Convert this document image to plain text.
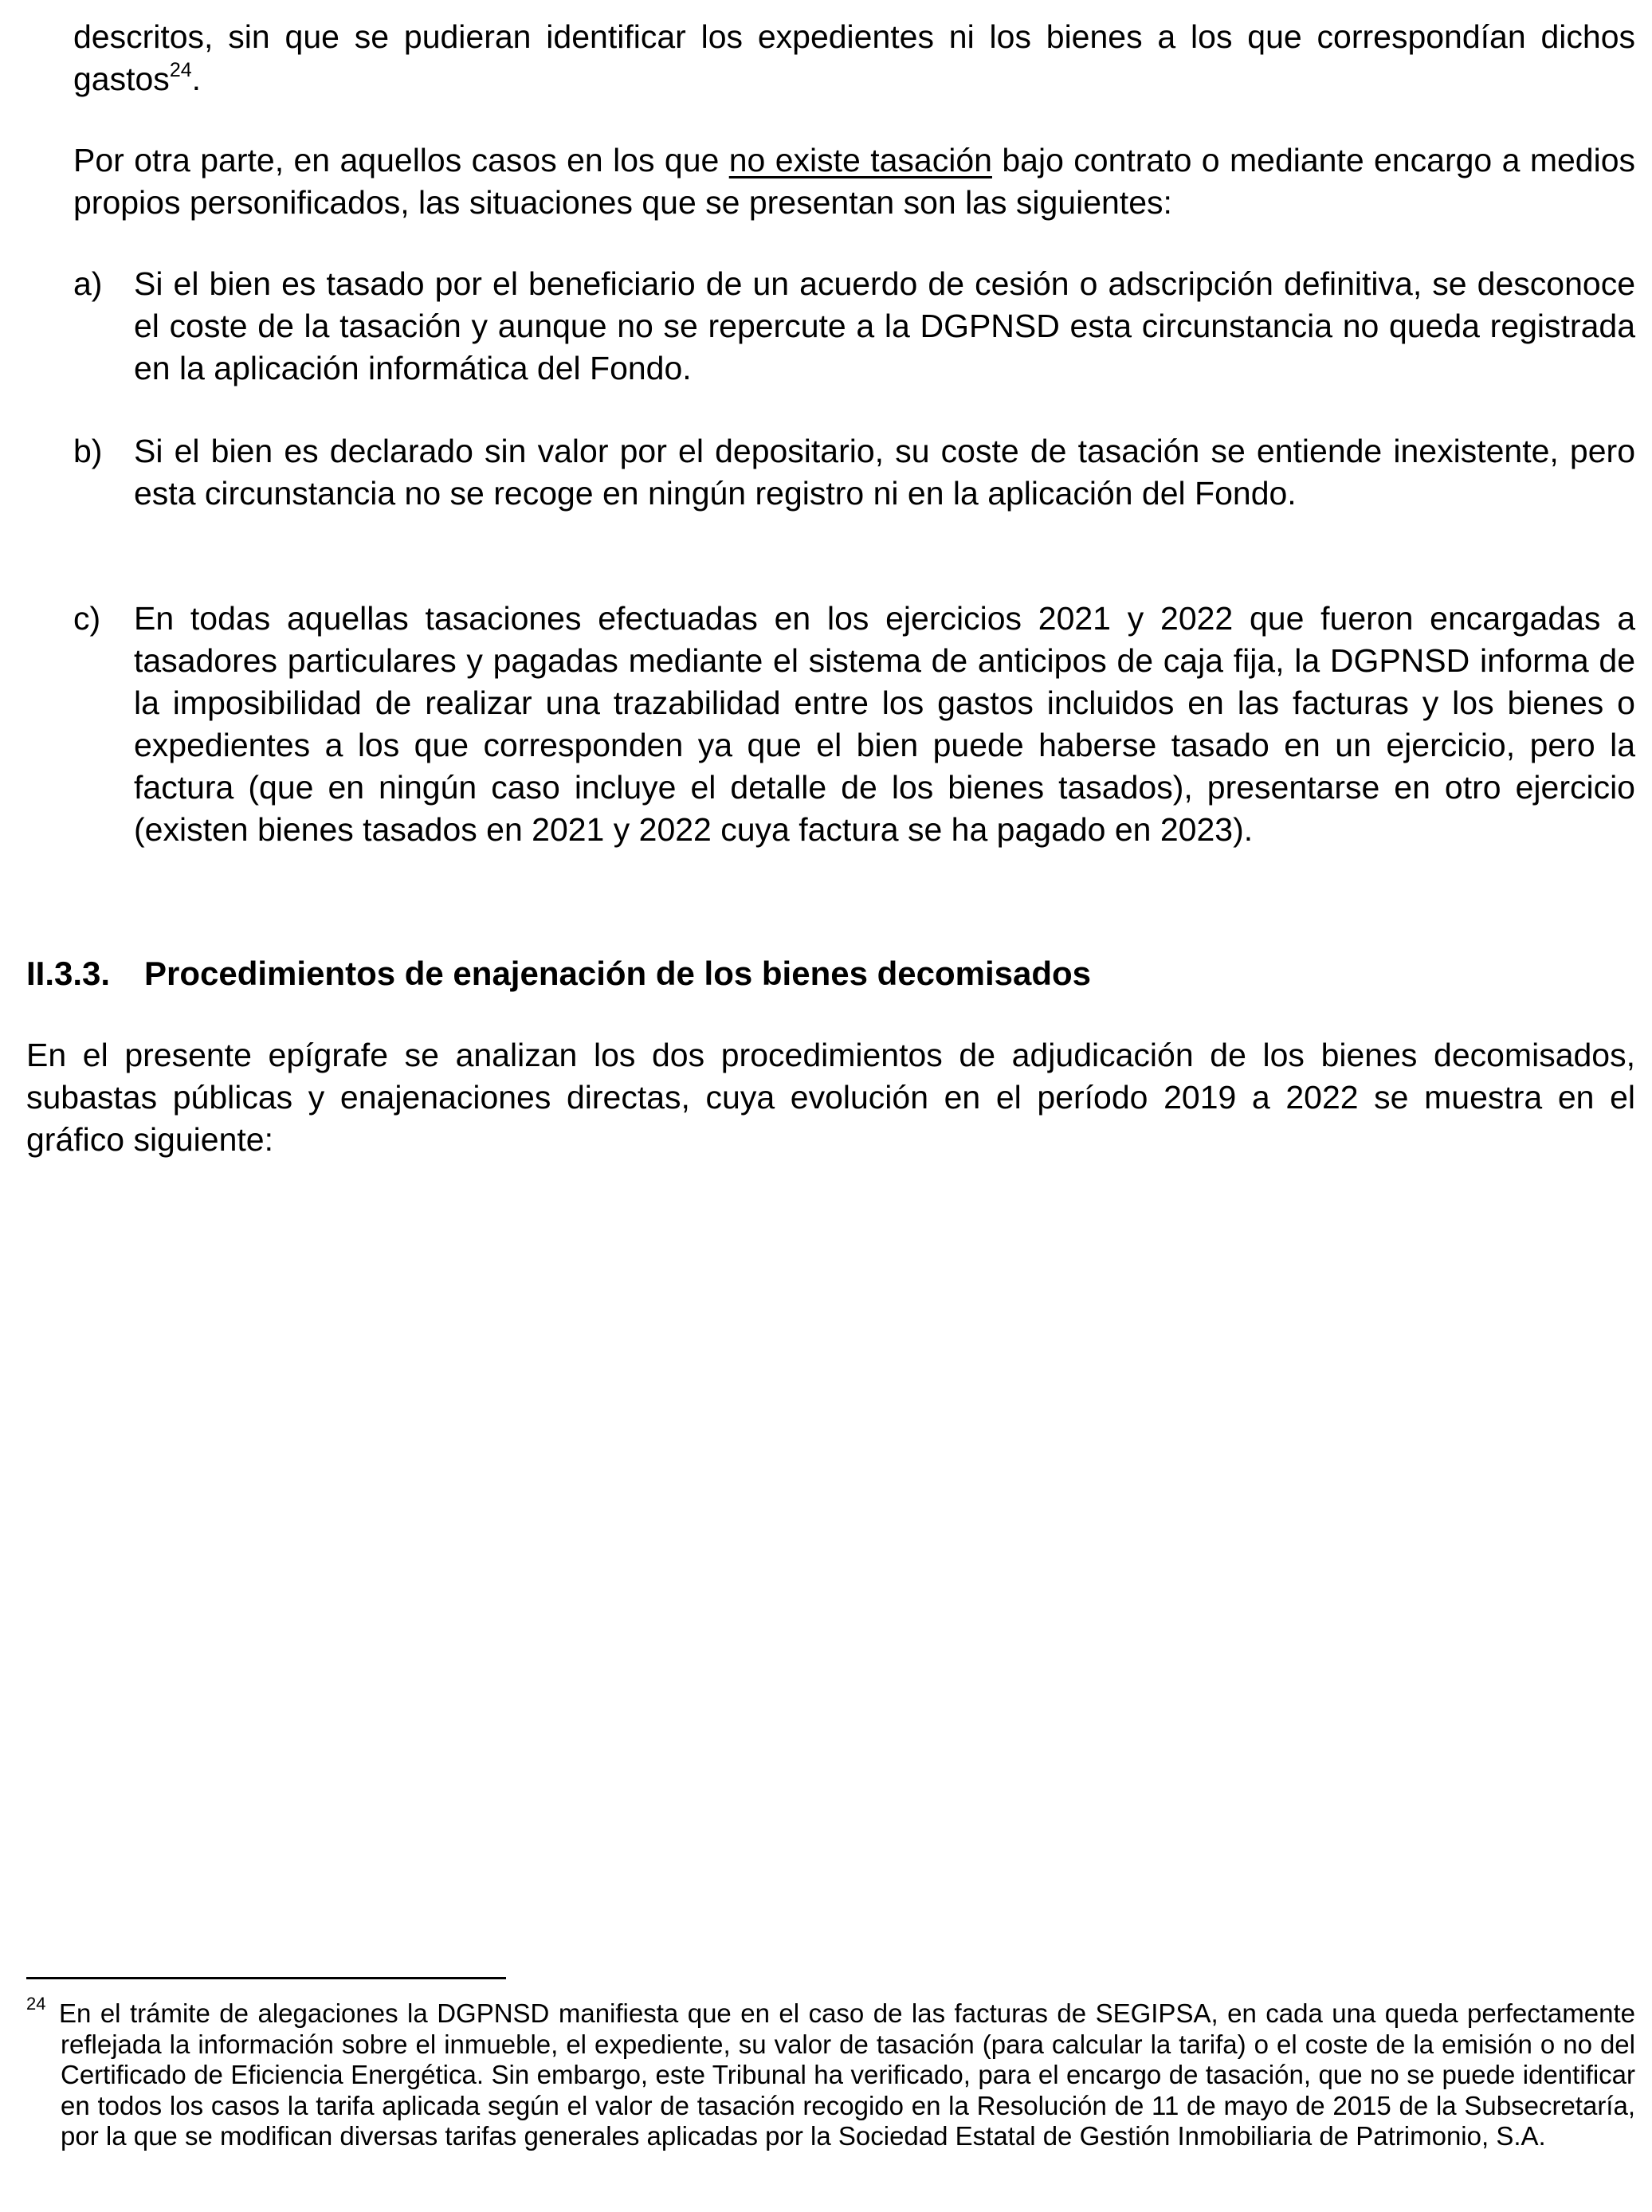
descritos, sin que se pudieran identificar los expedientes ni los bienes a los que correspondían dichos gastos$^{24}$.

Por otra parte, en aquellos casos en los que no existe tasación bajo contrato o mediante encargo a medios propios personificados, las situaciones que se presentan son las siguientes:

a) Si el bien es tasado por el beneficiario de un acuerdo de cesión o adscripción definitiva, se desconoce el coste de la tasación y aunque no se repercute a la DGPNSD esta circunstancia no queda registrada en la aplicación informática del Fondo.

b) Si el bien es declarado sin valor por el depositario, su coste de tasación se entiende inexistente, pero esta circunstancia no se recoge en ningún registro ni en la aplicación del Fondo.

c) En todas aquellas tasaciones efectuadas en los ejercicios 2021 y 2022 que fueron encargadas a tasadores particulares y pagadas mediante el sistema de anticipos de caja fija, la DGPNSD informa de la imposibilidad de realizar una trazabilidad entre los gastos incluidos en las facturas y los bienes o expedientes a los que corresponden ya que el bien puede haberse tasado en un ejercicio, pero la factura (que en ningún caso incluye el detalle de los bienes tasados), presentarse en otro ejercicio (existen bienes tasados en 2021 y 2022 cuya factura se ha pagado en 2023).

II.3.3. Procedimientos de enajenación de los bienes decomisados

En el presente epígrafe se analizan los dos procedimientos de adjudicación de los bienes decomisados, subastas públicas y enajenaciones directas, cuya evolución en el período 2019 a 2022 se muestra en el gráfico siguiente:

24 En el trámite de alegaciones la DGPNSD manifiesta que en el caso de las facturas de SEGIPSA, en cada una queda perfectamente reflejada la información sobre el inmueble, el expediente, su valor de tasación (para calcular la tarifa) o el coste de la emisión o no del Certificado de Eficiencia Energética. Sin embargo, este Tribunal ha verificado, para el encargo de tasación, que no se puede identificar en todos los casos la tarifa aplicada según el valor de tasación recogido en la Resolución de 11 de mayo de 2015 de la Subsecretaría, por la que se modifican diversas tarifas generales aplicadas por la Sociedad Estatal de Gestión Inmobiliaria de Patrimonio, S.A.
